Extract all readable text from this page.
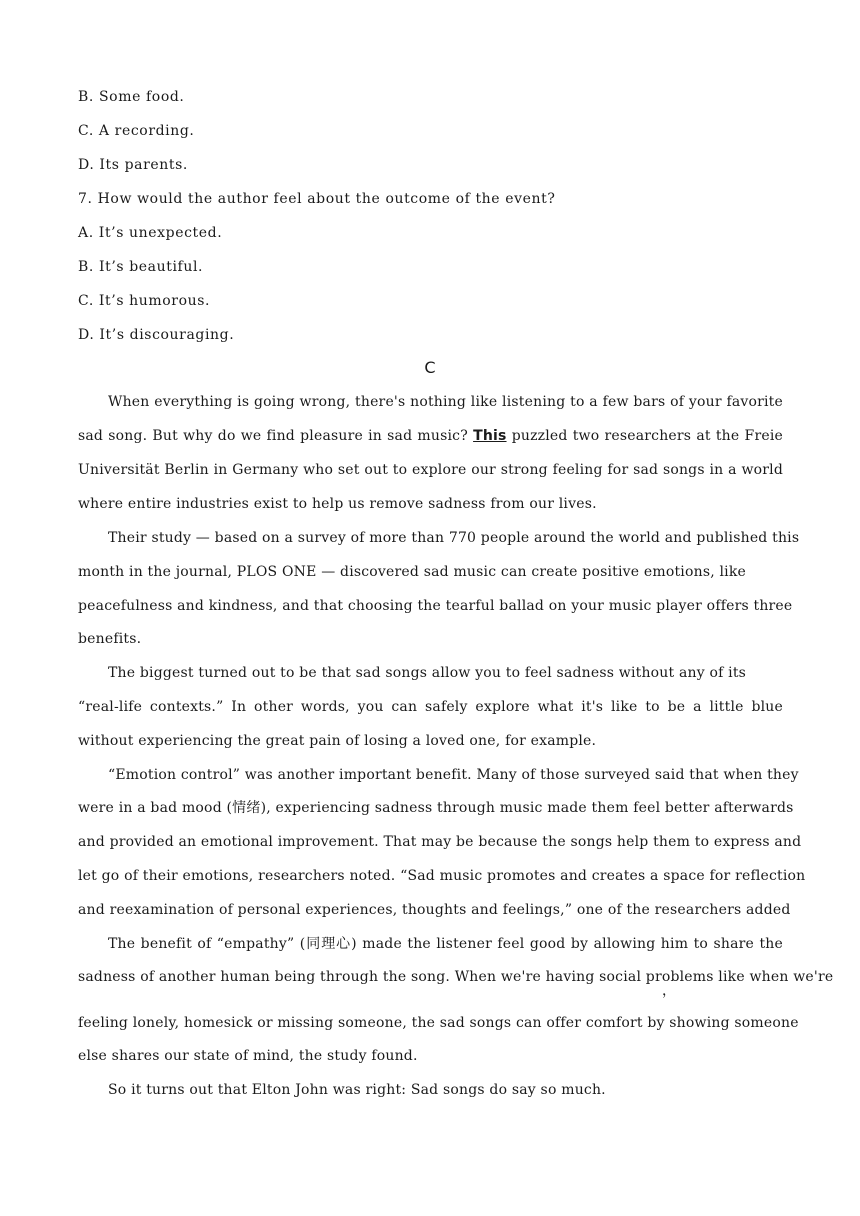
B. Some food.
C. A recording.
D. Its parents.
7. How would the author feel about the outcome of the event?
A. It’s unexpected.
B. It’s beautiful.
C. It’s humorous.
D. It’s discouraging.
C
When everything is going wrong, there's nothing like listening to a few bars of your favorite
sad song. But why do we find pleasure in sad music? This puzzled two researchers at the Freie
Universität Berlin in Germany who set out to explore our strong feeling for sad songs in a world
where entire industries exist to help us remove sadness from our lives.
Their study — based on a survey of more than 770 people around the world and published this
month in the journal, PLOS ONE — discovered sad music can create positive emotions, like
peacefulness and kindness, and that choosing the tearful ballad on your music player offers three
benefits.
The biggest turned out to be that sad songs allow you to feel sadness without any of its
“real-life contexts.” In other words, you can safely explore what it's like to be a little blue
without experiencing the great pain of losing a loved one, for example.
“Emotion control” was another important benefit. Many of those surveyed said that when they
were in a bad mood (情绪), experiencing sadness through music made them feel better afterwards
and provided an emotional improvement. That may be because the songs help them to express and
let go of their emotions, researchers noted. “Sad music promotes and creates a space for reflection
and reexamination of personal experiences, thoughts and feelings,” one of the researchers added
The benefit of “empathy” (同理心) made the listener feel good by allowing him to share the
sadness of another human being through the song. When we're having social problems like when we're
，
feeling lonely, homesick or missing someone, the sad songs can offer comfort by showing someone
else shares our state of mind, the study found.
So it turns out that Elton John was right: Sad songs do say so much.
